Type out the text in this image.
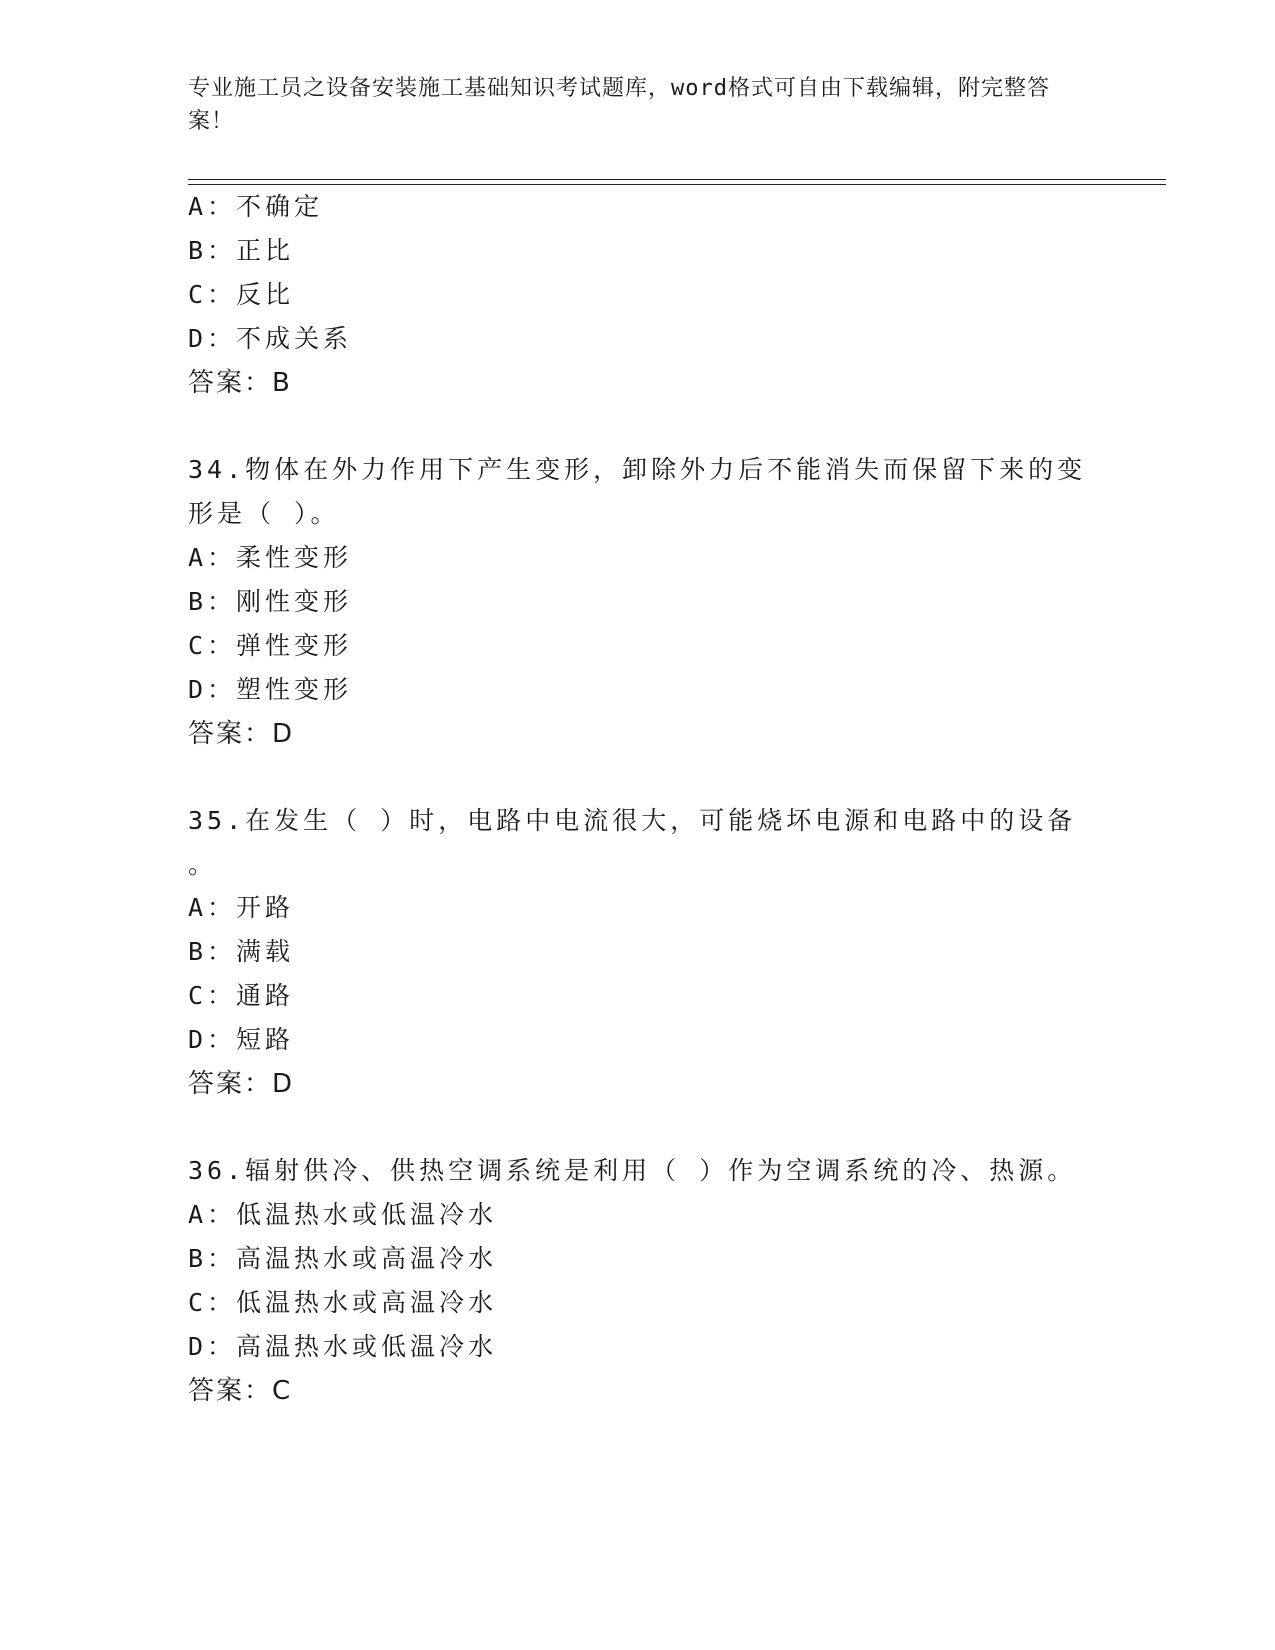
专业施工员之设备安装施工基础知识考试题库，word格式可自由下载编辑，附完整答案！
A：不确定
B：正比
C：反比
D：不成关系
答案：B
34.物体在外力作用下产生变形，卸除外力后不能消失而保留下来的变
形是（ ）。
A：柔性变形
B：刚性变形
C：弹性变形
D：塑性变形
答案：D
35.在发生（ ）时，电路中电流很大，可能烧坏电源和电路中的设备
。
A：开路
B：满载
C：通路
D：短路
答案：D
36.辐射供冷、供热空调系统是利用（ ）作为空调系统的冷、热源。
A：低温热水或低温冷水
B：高温热水或高温冷水
C：低温热水或高温冷水
D：高温热水或低温冷水
答案：C
